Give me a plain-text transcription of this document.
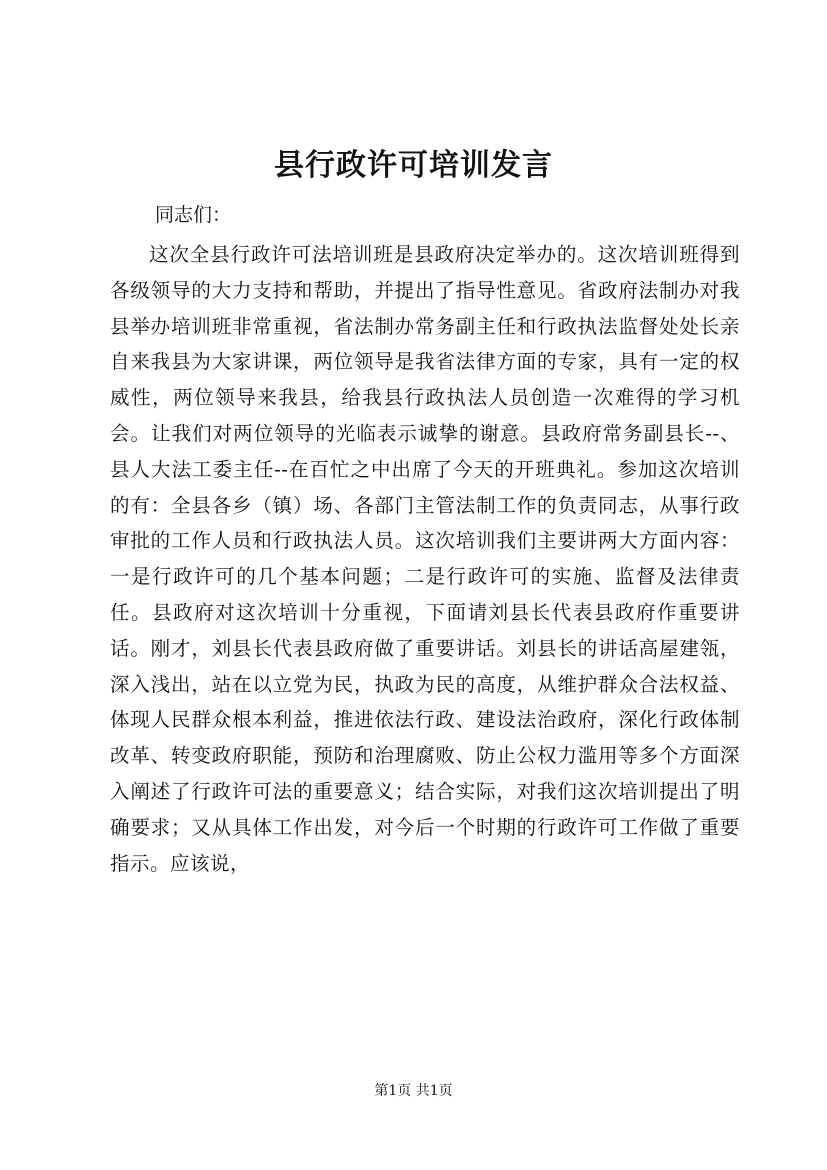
县行政许可培训发言

同志们：

这次全县行政许可法培训班是县政府决定举办的。这次培训班得到各级领导的大力支持和帮助，并提出了指导性意见。省政府法制办对我县举办培训班非常重视，省法制办常务副主任和行政执法监督处处长亲自来我县为大家讲课，两位领导是我省法律方面的专家，具有一定的权威性，两位领导来我县，给我县行政执法人员创造一次难得的学习机会。让我们对两位领导的光临表示诚挚的谢意。县政府常务副县长--、县人大法工委主任--在百忙之中出席了今天的开班典礼。参加这次培训的有：全县各乡（镇）场、各部门主管法制工作的负责同志，从事行政审批的工作人员和行政执法人员。这次培训我们主要讲两大方面内容：一是行政许可的几个基本问题；二是行政许可的实施、监督及法律责任。县政府对这次培训十分重视，下面请刘县长代表县政府作重要讲话。刚才，刘县长代表县政府做了重要讲话。刘县长的讲话高屋建瓴，深入浅出，站在以立党为民，执政为民的高度，从维护群众合法权益、体现人民群众根本利益，推进依法行政、建设法治政府，深化行政体制改革、转变政府职能，预防和治理腐败、防止公权力滥用等多个方面深入阐述了行政许可法的重要意义；结合实际，对我们这次培训提出了明确要求；又从具体工作出发，对今后一个时期的行政许可工作做了重要指示。应该说，

第1页 共1页
